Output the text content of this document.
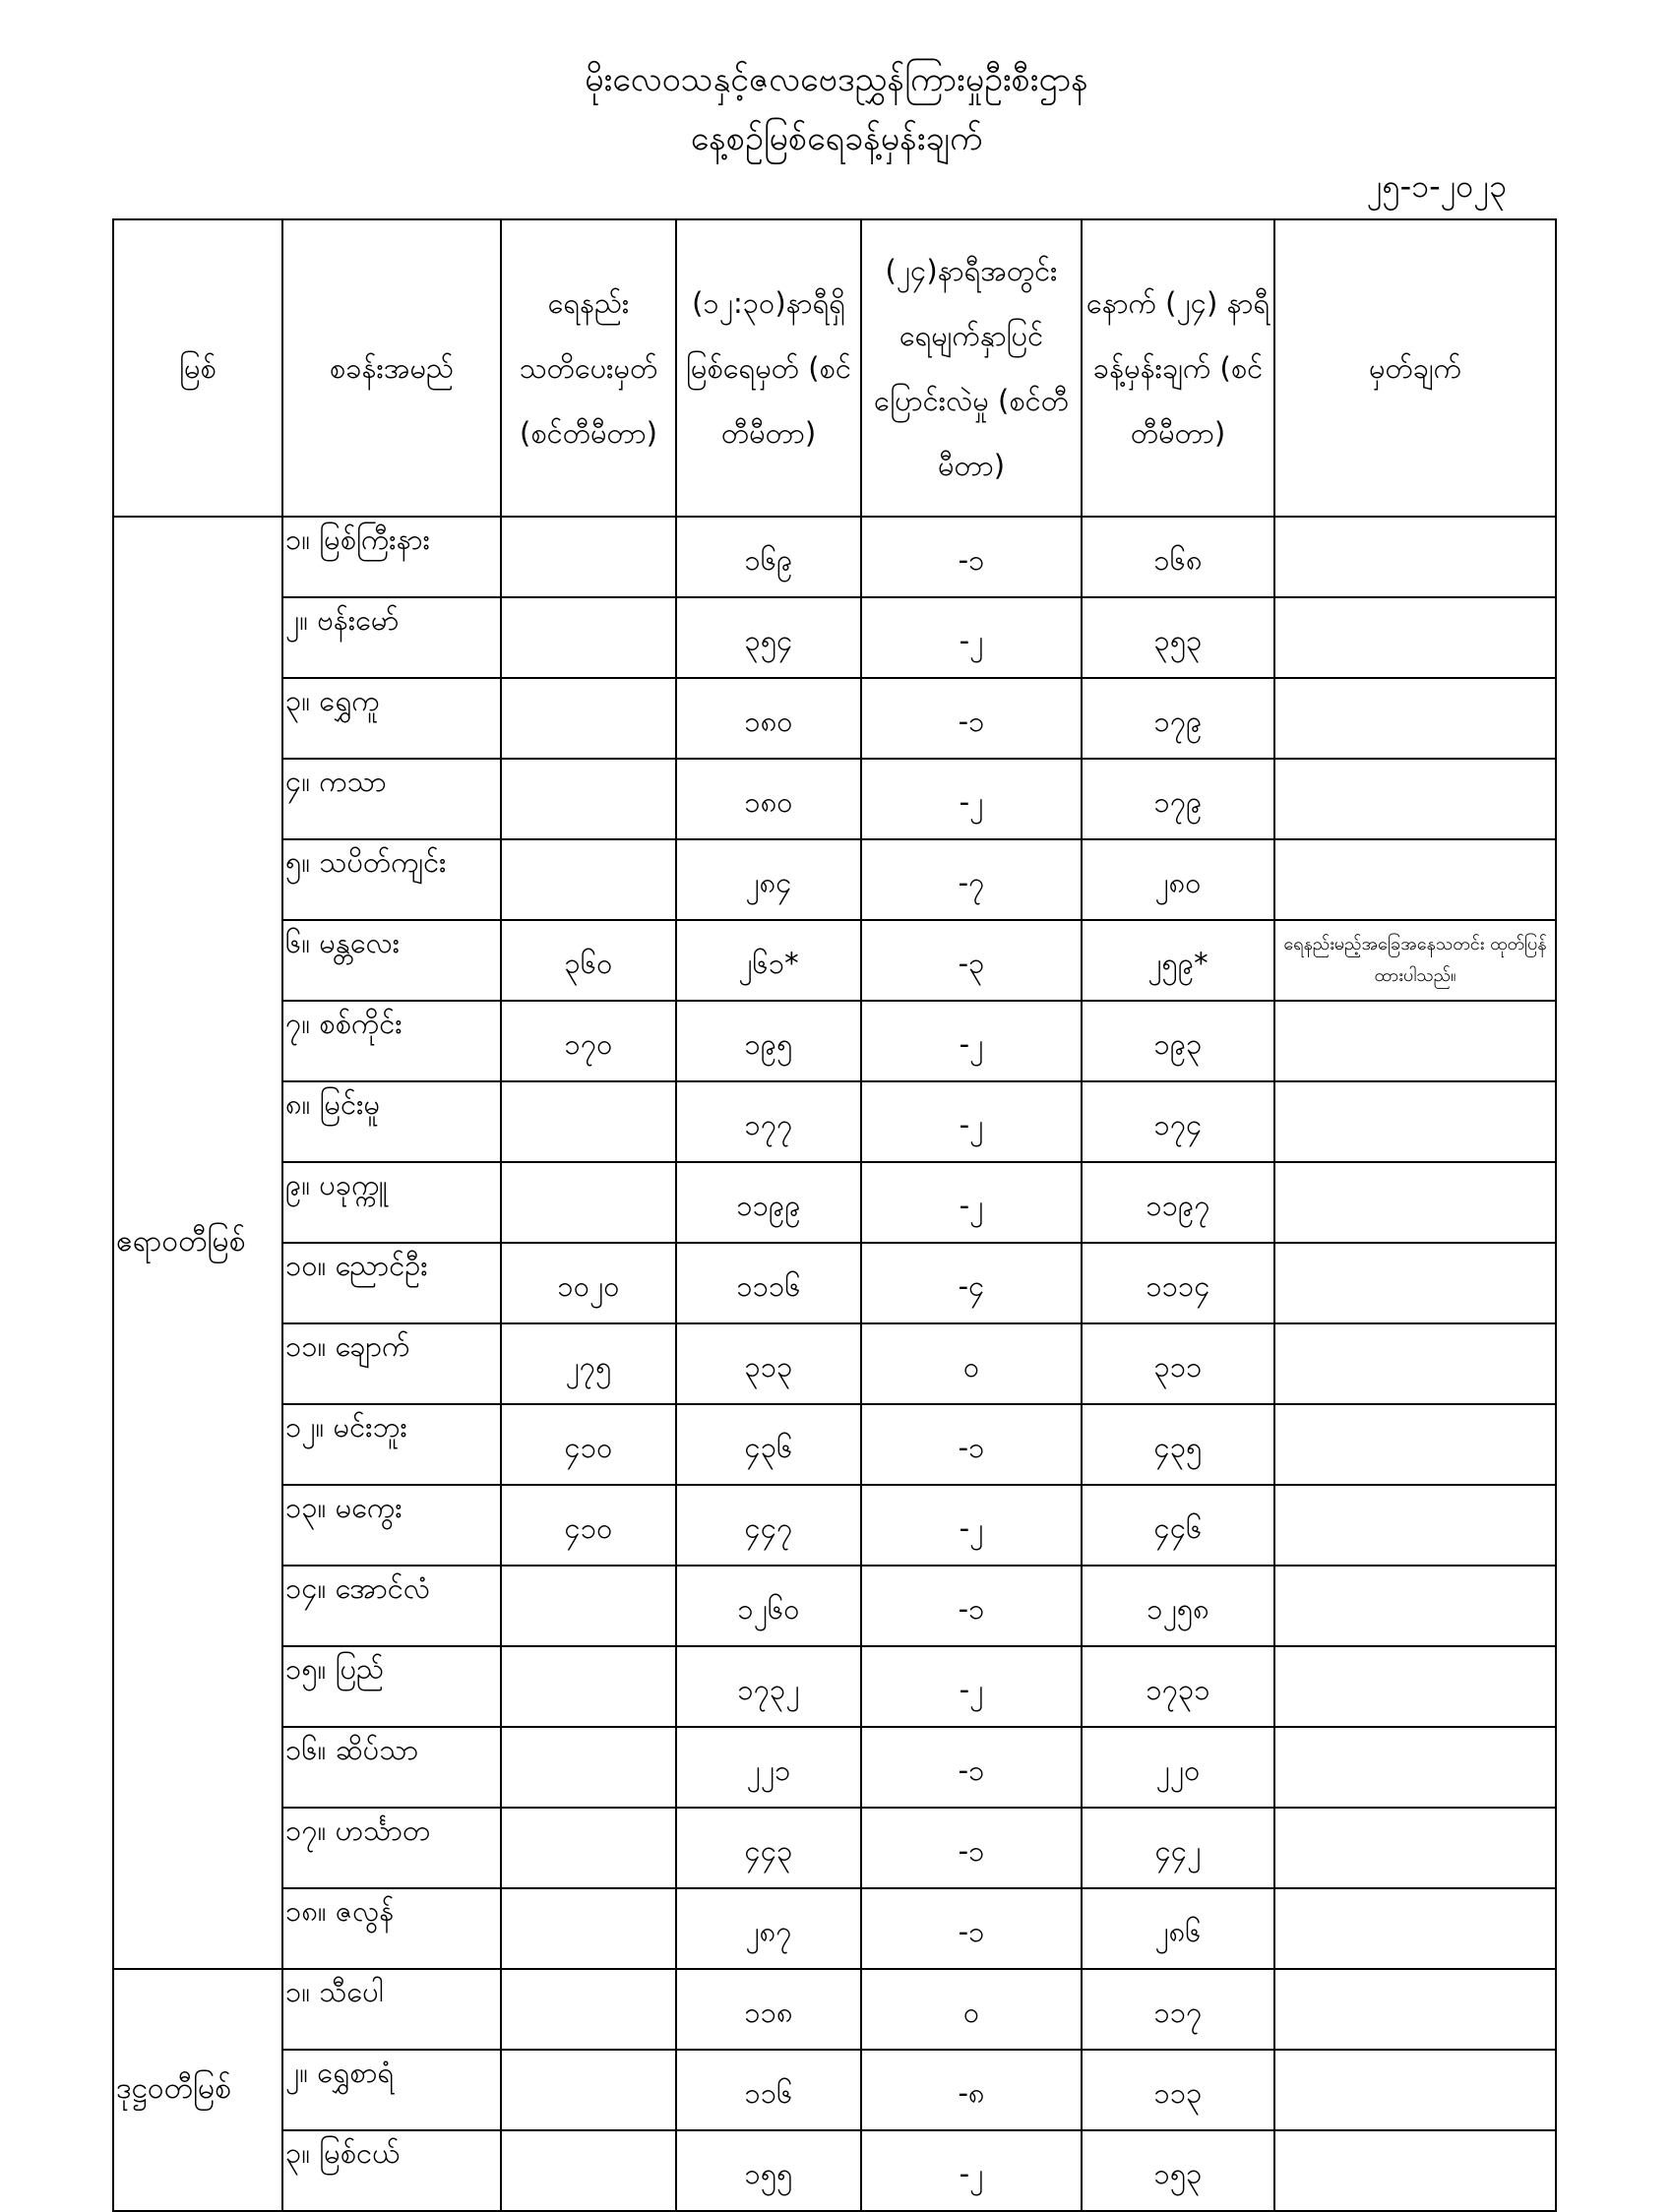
မိုးလေဝသနှင့်ဇလဗေဒညွှန်ကြားမှုဦးစီးဌာန
နေ့စဉ်မြစ်ရေခန့်မှန်းချက်
၂၅-၁-၂၀၂၃
မြစ်	စခန်းအမည်	ရေနည်း သတိပေးမှတ် (စင်တီမီတာ)	(၁၂:၃၀)နာရီရှိ မြစ်ရေမှတ် (စင်တီမီတာ)	(၂၄)နာရီအတွင်း ရေမျက်နှာပြင် ပြောင်းလဲမှု (စင်တီမီတာ)	နောက် (၂၄) နာရီ ခန့်မှန်းချက် (စင်တီမီတာ)	မှတ်ချက်
ဧရာဝတီမြစ်	၁။ မြစ်ကြီးနား		၁၆၉	-၁	၁၆၈	
	၂။ ဗန်းမော်		၃၅၄	-၂	၃၅၃	
	၃။ ရွှေကူ		၁၈၀	-၁	၁၇၉	
	၄။ ကသာ		၁၈၀	-၂	၁၇၉	
	၅။ သပိတ်ကျင်း		၂၈၄	-၇	၂၈၀	
	၆။ မန္တလေး	၃၆၀	၂၆၁*	-၃	၂၅၉*	ရေနည်းမည့်အခြေအနေသတင်း ထုတ်ပြန်ထားပါသည်။
	၇။ စစ်ကိုင်း	၁၇၀	၁၉၅	-၂	၁၉၃	
	၈။ မြင်းမူ		၁၇၇	-၂	၁၇၄	
	၉။ ပခုက္ကူ		၁၁၉၉	-၂	၁၁၉၇	
	၁၀။ ညောင်ဦး	၁၀၂၀	၁၁၁၆	-၄	၁၁၁၄	
	၁၁။ ချောက်	၂၇၅	၃၁၃	၀	၃၁၁	
	၁၂။ မင်းဘူး	၄၁၀	၄၃၆	-၁	၄၃၅	
	၁၃။ မကွေး	၄၁၀	၄၄၇	-၂	၄၄၆	
	၁၄။ အောင်လံ		၁၂၆၀	-၁	၁၂၅၈	
	၁၅။ ပြည်		၁၇၃၂	-၂	၁၇၃၁	
	၁၆။ ဆိပ်သာ		၂၂၁	-၁	၂၂၀	
	၁၇။ ဟင်္သာတ		၄၄၃	-၁	၄၄၂	
	၁၈။ ဇလွန်		၂၈၇	-၁	၂၈၆	
ဒုဋ္ဌဝတီမြစ်	၁။ သီပေါ		၁၁၈	၀	၁၁၇	
	၂။ ရွှေစာရံ		၁၁၆	-၈	၁၁၃	
	၃။ မြစ်ငယ်		၁၅၅	-၂	၁၅၃	
